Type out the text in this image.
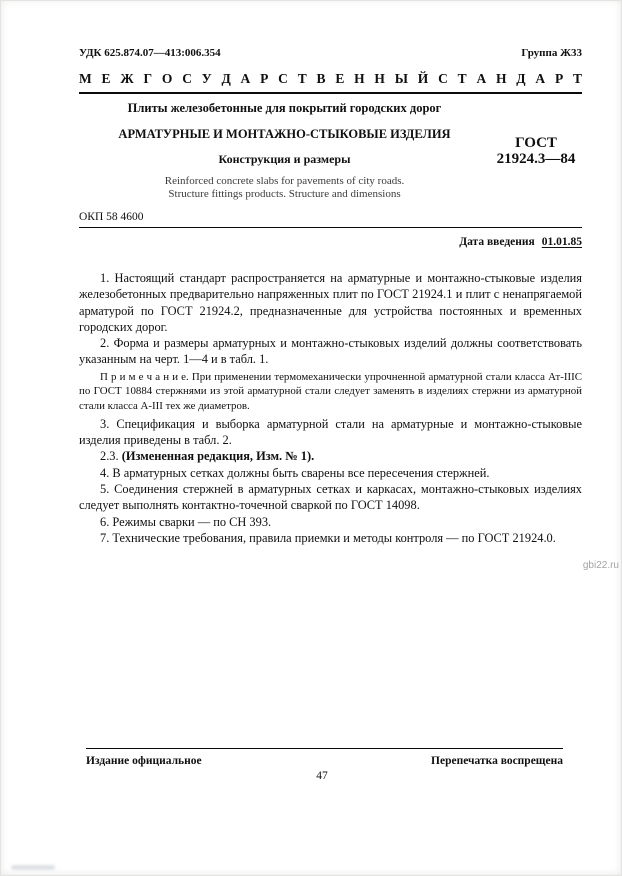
УДК 625.874.07—413:006.354	Группа Ж33
М Е Ж Г О С У Д А Р С Т В Е Н Н Ы Й С Т А Н Д А Р Т
Плиты железобетонные для покрытий городских дорог
АРМАТУРНЫЕ И МОНТАЖНО-СТЫКОВЫЕ ИЗДЕЛИЯ
Конструкция и размеры
Reinforced concrete slabs for pavements of city roads.
Structure fittings products. Structure and dimensions
ГОСТ
21924.3—84
ОКП 58 4600
Дата введения 01.01.85

1. Настоящий стандарт распространяется на арматурные и монтажно-стыковые изделия железобетонных предварительно напряженных плит по ГОСТ 21924.1 и плит с ненапрягаемой арматурой по ГОСТ 21924.2, предназначенные для устройства постоянных и временных городских дорог.

2. Форма и размеры арматурных и монтажно-стыковых изделий должны соответствовать указанным на черт. 1—4 и в табл. 1.

П р и м е ч а н и е. При применении термомеханически упрочненной арматурной стали класса Ат-IIIC по ГОСТ 10884 стержнями из этой арматурной стали следует заменять в изделиях стержни из арматурной стали класса А-III тех же диаметров.

3. Спецификация и выборка арматурной стали на арматурные и монтажно-стыковые изделия приведены в табл. 2.

2.3. (Измененная редакция, Изм. № 1).

4. В арматурных сетках должны быть сварены все пересечения стержней.

5. Соединения стержней в арматурных сетках и каркасах, монтажно-стыковых изделиях следует выполнять контактно-точечной сваркой по ГОСТ 14098.

6. Режимы сварки — по СН 393.

7. Технические требования, правила приемки и методы контроля — по ГОСТ 21924.0.

Издание официальное	Перепечатка воспрещена
47
gbi22.ru
